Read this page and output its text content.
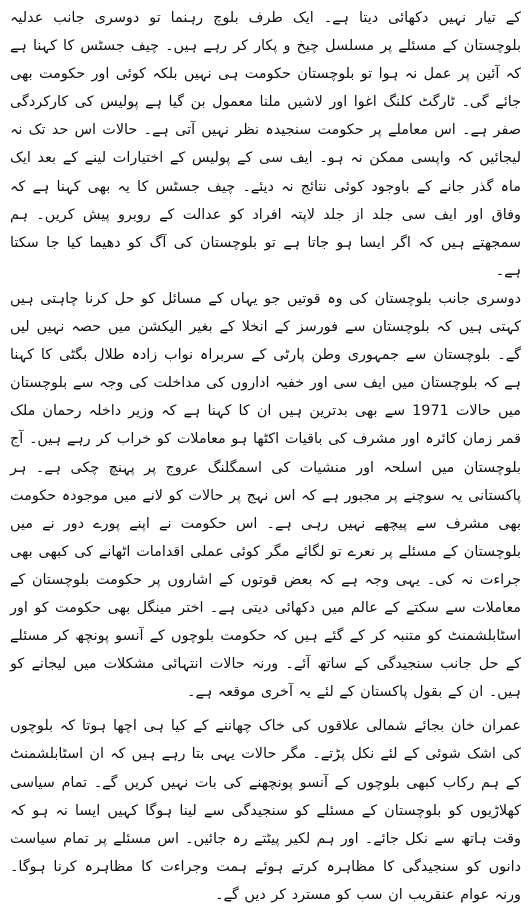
کے تیار نہیں دکھائی دیتا ہے۔ ایک طرف بلوچ رہنما تو دوسری جانب عدلیہ بلوچستان کے مسئلے پر مسلسل چیخ و پکار کر رہے ہیں۔ چیف جسٹس کا کہنا ہے کہ آئین پر عمل نہ ہوا تو بلوچستان حکومت ہی نہیں بلکہ کوئی اور حکومت بھی جائے گی۔ ٹارگٹ کلنگ اغوا اور لاشیں ملنا معمول بن گیا ہے پولیس کی کارکردگی صفر ہے۔ اس معاملے پر حکومت سنجیدہ نظر نہیں آتی ہے۔ حالات اس حد تک نہ لیجائیں کہ واپسی ممکن نہ ہو۔ ایف سی کے پولیس کے اختیارات لینے کے بعد ایک ماہ گذر جانے کے باوجود کوئی نتائج نہ دیئے۔ چیف جسٹس کا یہ بھی کہنا ہے کہ وفاق اور ایف سی جلد از جلد لاپتہ افراد کو عدالت کے روبرو پیش کریں۔ ہم سمجھتے ہیں کہ اگر ایسا ہو جاتا ہے تو بلوچستان کی آگ کو دھیما کیا جا سکتا ہے۔

دوسری جانب بلوچستان کی وہ قوتیں جو یہاں کے مسائل کو حل کرنا چاہتی ہیں کہتی ہیں کہ بلوچستان سے فورسز کے انخلا کے بغیر الیکشن میں حصہ نہیں لیں گے۔ بلوچستان سے جمہوری وطن پارٹی کے سربراہ نواب زادہ طلال بگٹی کا کہنا ہے کہ بلوچستان میں ایف سی اور خفیہ اداروں کی مداخلت کی وجہ سے بلوچستان میں حالات 1971 سے بھی بدترین ہیں ان کا کہنا ہے کہ وزیر داخلہ رحمان ملک قمر زمان کائرہ اور مشرف کی باقیات اکٹھا ہو معاملات کو خراب کر رہے ہیں۔ آج بلوچستان میں اسلحہ اور منشیات کی اسمگلنگ عروج پر پہنچ چکی ہے۔ ہر پاکستانی یہ سوچنے پر مجبور ہے کہ اس نہج پر حالات کو لانے میں موجودہ حکومت بھی مشرف سے پیچھے نہیں رہی ہے۔ اس حکومت نے اپنے پورے دور نے میں بلوچستان کے مسئلے پر نعرے تو لگائے مگر کوئی عملی اقدامات اٹھانے کی کبھی بھی جراءت نہ کی۔ یہی وجہ ہے کہ بعض قوتوں کے اشاروں پر حکومت بلوچستان کے معاملات سے سکتے کے عالم میں دکھائی دیتی ہے۔ اختر مینگل بھی حکومت کو اور اسٹابلشمنٹ کو متنبہ کر کے گئے ہیں کہ حکومت بلوچوں کے آنسو پونچھ کر مسئلے کے حل جانب سنجیدگی کے ساتھ آئے۔ ورنہ حالات انتہائی مشکلات میں لیجانے کو ہیں۔ ان کے بقول پاکستان کے لئے یہ آخری موقعہ ہے۔

عمران خان بجائے شمالی علاقوں کی خاک چھاننے کے کیا ہی اچھا ہوتا کہ بلوچوں کی اشک شوئی کے لئے نکل پڑتے۔ مگر حالات یہی بتا رہے ہیں کہ ان اسٹابلشمنٹ کے ہم رکاب کبھی بلوچوں کے آنسو پونچھنے کی بات نہیں کریں گے۔ تمام سیاسی کھلاڑیوں کو بلوچستان کے مسئلے کو سنجیدگی سے لینا ہوگا کہیں ایسا نہ ہو کہ وقت ہاتھ سے نکل جائے۔ اور ہم لکیر پیٹتے رہ جائیں۔ اس مسئلے پر تمام سیاست دانوں کو سنجیدگی کا مظاہرہ کرتے ہوئے ہمت وجراءت کا مظاہرہ کرنا ہوگا۔ ورنہ عوام عنقریب ان سب کو مسترد کر دیں گے۔
